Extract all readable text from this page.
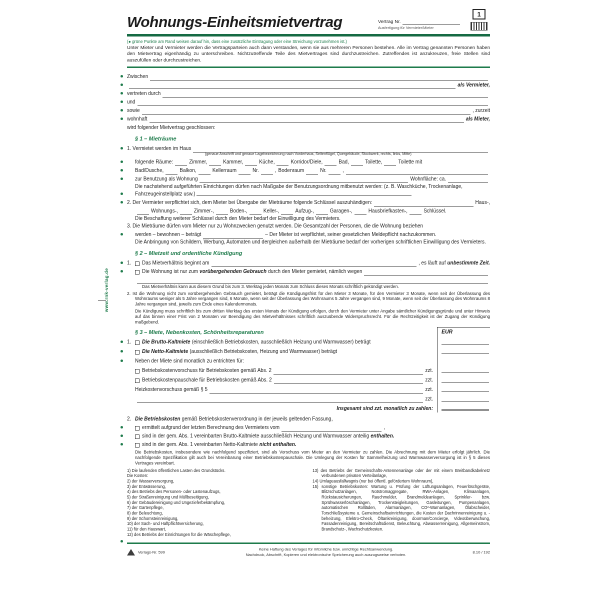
www.rnk-verlag.de
Wohnungs-Einheitsmietvertrag	Vertrag Nr.
Ausfertigung für Vermieter/Mieter
1
(● grüne Punkte am Rand weisen darauf hin, dass eine zusätzliche Eintragung oder eine Streichung vorzunehmen ist.)
Unter Mieter und Vermieter werden die Vertragsparteien auch dann verstanden, wenn sie aus mehreren Personen bestehen. Alle im Vertrag genannten Personen haben den Mietvertrag eigenhändig zu unterschreiben. Nichtzutreffende Teile des Mietvertrages sind durchzustreichen. Zutreffendes ist anzukreuzen, freie Stellen sind auszufüllen oder durchzustreichen.
Zwischen
als Vermieter,
vertreten durch
und
sowie	, zurzeit
wohnhaft	als Mieter,
wird folgender Mietvertrag geschlossen:
§ 1 – Mieträume
1. Vermietet werden im Haus
(genaue Anschrift und genaue Lagebezeichnung nach Vorderhaus, Seitenflügel, Quergebäude, Stockwerk, rechts, links, Mitte)
folgende Räume: Zimmer, Kammer, Küche, Korridor/Diele, Bad, Toilette, Toilette mit
Bad/Dusche, Balkon, Kellerraum Nr. , Bodenraum Nr. ,
zur Benutzung als Wohnung	Wohnfläche: ca.
Die nachstehend aufgeführten Einrichtungen dürfen nach Maßgabe der Benutzungsordnung mitbenutzt werden: (z. B. Waschküche, Trockenanlage, Fahrzeugeinstellplatz usw.)
2. Der Vermieter verpflichtet sich, dem Mieter bei Übergabe der Mieträume folgende Schlüssel auszuhändigen:	Haus-,
Wohnungs-, Zimmer-, Boden-, Keller-, Aufzug-, Garagen-, Hausbriefkasten-, Schlüssel.
Die Beschaffung weiterer Schlüssel durch den Mieter bedarf der Einwilligung des Vermieters.
3. Die Mieträume dürfen vom Mieter nur zu Wohnzwecken genutzt werden. Die Gesamtzahl der Personen, die die Wohnung beziehen
werden – bewohnen – beträgt	– Der Mieter ist verpflichtet, seiner gesetzlichen Meldepflicht nachzukommen.
Die Anbringung von Schildern, Werbung, Automaten und dergleichen außerhalb der Mieträume bedarf der vorherigen schriftlichen Einwilligung des Vermieters.
§ 2 – Mietzeit und ordentliche Kündigung
1.	Das Mietverhältnis beginnt am	, es läuft auf unbestimmte Zeit.
Die Wohnung ist nur zum vorübergehenden Gebrauch durch den Mieter gemietet, nämlich wegen
Das Mietverhältnis kann aus diesem Grund bis zum 3. Werktag jeden Monats zum Schluss dieses Monats schriftlich gekündigt werden.
2. Ist die Wohnung nicht zum vorübergehenden Gebrauch gemietet, beträgt die Kündigungsfrist für den Mieter 3 Monate, für den Vermieter 3 Monate, wenn seit der Überlassung des Wohnraums weniger als 5 Jahre vergangen sind, 6 Monate, wenn seit der Überlassung des Wohnraums 5 Jahre vergangen sind, 9 Monate, wenn seit der Überlassung des Wohnraums 8 Jahre vergangen sind, jeweils zum Ende eines Kalendermonats.
Die Kündigung muss schriftlich bis zum dritten Werktag des ersten Monats der Kündigung erfolgen, durch den Vermieter unter Angabe sämtlicher Kündigungsgründe und unter Hinweis auf das binnen einer Frist von 2 Monaten vor Beendigung des Mietverhältnisses schriftlich auszuübende Widerspruchsrecht. Für die Rechtzeitigkeit ist der Zugang der Kündigung maßgebend.
§ 3 – Miete, Nebenkosten, Schönheitsreparaturen	EUR
1.	Die Brutto-Kaltmiete (einschließlich Betriebskosten, ausschließlich Heizung und Warmwasser) beträgt
Die Netto-Kaltmiete (ausschließlich Betriebskosten, Heizung und Warmwasser) beträgt
Neben der Miete sind monatlich zu entrichten für:
Betriebskostenvorschuss für Betriebskosten gemäß Abs. 2	zzt.
Betriebskostenpauschale für Betriebskosten gemäß Abs. 2	zzt.
Heizkostenvorschuss gemäß § 5	zzt.
zzt.
Insgesamt sind zzt. monatlich zu zahlen:
2. Die Betriebskosten gemäß Betriebskostenverordnung in der jeweils geltenden Fassung,
ermittelt aufgrund der letzten Berechnung des Vermieters vom	,
sind in der gem. Abs. 1 vereinbarten Brutto-Kaltmiete ausschließlich Heizung und Warmwasser anteilig enthalten.
sind in der gem. Abs. 1 vereinbarten Netto-Kaltmiete nicht enthalten.
Die Betriebskosten, insbesondere wie nachfolgend spezifiziert, sind als Vorschuss vom Mieter an den Vermieter zu zahlen. Die Abrechnung mit dem Mieter erfolgt jährlich. Die nachfolgende Spezifikation gilt auch bei Vereinbarung einer Betriebskostenpauschale. Die Umlegung der Kosten für Sammelheizung und Warmwasserversorgung ist in § 5 dieses Vertrages vereinbart.
1) Die laufenden öffentlichen Lasten des Grundstücks.
Die Kosten:
2) der Wasserversorgung,
3) der Entwässerung,
4) des Betriebs des Personen- oder Lastenaufzugs,
5) der Straßenreinigung und Müllbeseitigung,
6) der Gebäudereinigung und Ungezieferbekämpfung,
7) der Gartenpflege,
8) der Beleuchtung,
9) der Schornsteinreinigung,
10) der Sach- und Haftpflichtversicherung,
11) für den Hauswart,
12) des Betriebs der Einrichtungen für die Wäschepflege,
13) des Betriebs der Gemeinschafts-Antennenanlage oder der mit einem Breitbandkabelnetz verbundenen privaten Verteilanlage,
14) Umlageausfallwagnis (nur bei öffentl. gefördertem Wohnraum),
15) sonstige Betriebskosten: Wartung u. Prüfung der Lüftungsanlagen, Feuerlöschgeräte, Blitzschutzanlagen, Notstromaggregate, RWA-Anlagen, Klimaanlagen, Rückstausicherungen, Rauchmelder, Brandmeldeanlagen, Sprinkler- bzw. Sprühwasserlöschanlagen, Trockensteigleitungen, Gasleitungen, Pumpenanlagen, automatischen Rollläden, Alarmanlagen, CO²-Warnanlagen, Ölabscheider, Torschließsysteme u. Gemeinschaftseinrichtungen, die Kosten der Dachrinnenreinigung u. -beheizung, Elektro-Check, Öltankreinigung, doorman/Concierge, Videoüberwachung, Fassadenreinigung, Bereitschaftsdienst, Beleuchtung, Abwasserreinigung, Allgemeinstrom, Brandschutz-, Wachschutzkosten.
Verlags-Nr. 599
Keine Haftung des Verlages für irrtümliche bzw. unrichtige Rechtsanwendung.
Nachdruck, Abschrift, Kopieren und elektronische Speicherung auch auszugsweise verboten.	8.10 / 192
